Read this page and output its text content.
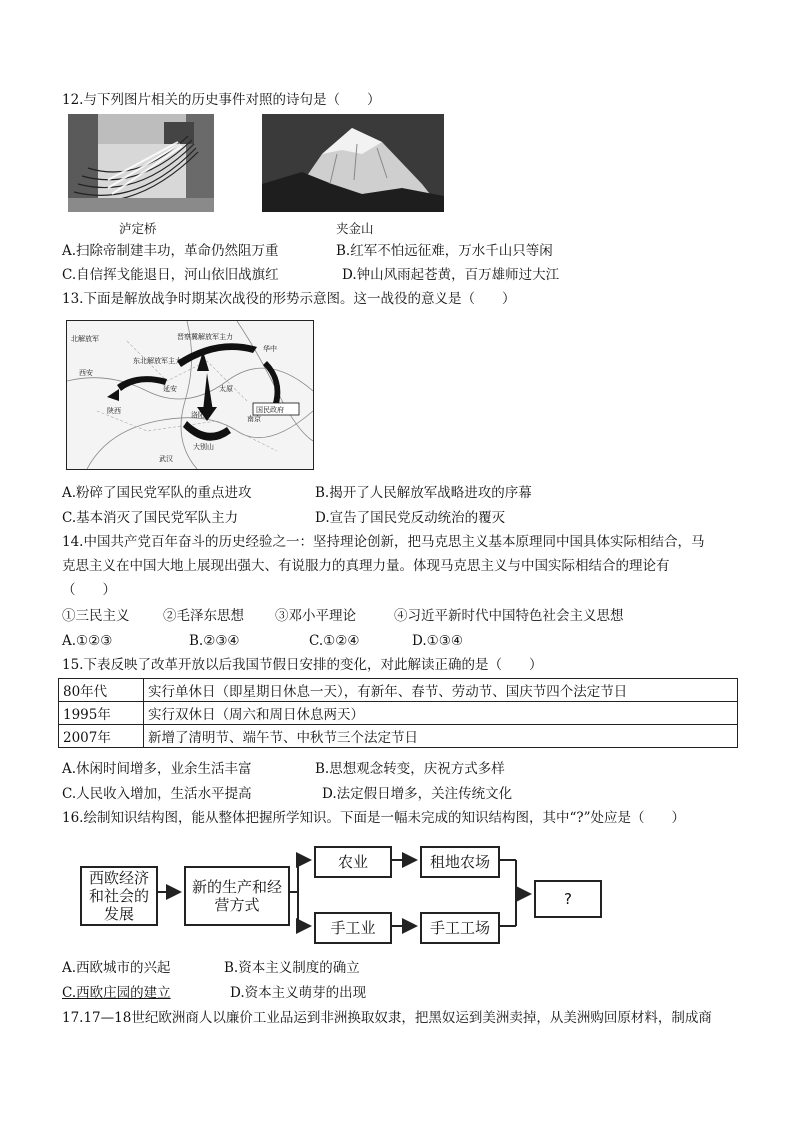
12.与下列图片相关的历史事件对照的诗句是（　　）
泸定桥	夹金山
A.扫除帝制建丰功，革命仍然阻万重	B.红军不怕远征难，万水千山只等闲
C.自信挥戈能退日，河山依旧战旗红	D.钟山风雨起苍黄，百万雄师过大江
13.下面是解放战争时期某次战役的形势示意图。这一战役的意义是（　　）
北解放军
西安
陕西
东北解放军主力
晋察冀解放军主力
华中
延安	太原
南京
洛阳
大别山
武汉
国民政府
A.粉碎了国民党军队的重点进攻	B.揭开了人民解放军战略进攻的序幕
C.基本消灭了国民党军队主力	D.宣告了国民党反动统治的覆灭
14.中国共产党百年奋斗的历史经验之一：坚持理论创新，把马克思主义基本原理同中国具体实际相结合，马
克思主义在中国大地上展现出强大、有说服力的真理力量。体现马克思主义与中国实际相结合的理论有
（　　）
①三民主义 ②毛泽东思想 ③邓小平理论	④习近平新时代中国特色社会主义思想
A.①②③	B.②③④	C.①②④	D.①③④
15.下表反映了改革开放以后我国节假日安排的变化，对此解读正确的是（　　）
80年代	实行单休日（即星期日休息一天），有新年、春节、劳动节、国庆节四个法定节日
1995年	实行双休日（周六和周日休息两天）
2007年	新增了清明节、端午节、中秋节三个法定节日
A.休闲时间增多，业余生活丰富	B.思想观念转变，庆祝方式多样
C.人民收入增加，生活水平提高	D.法定假日增多，关注传统文化
16.绘制知识结构图，能从整体把握所学知识。下面是一幅未完成的知识结构图，其中“?”处应是（　　）
西欧经济和社会的发展
新的生产和经营方式
农业	租地农场
手工业	手工工场
?
A.西欧城市的兴起	B.资本主义制度的确立
C.西欧庄园的建立	D.资本主义萌芽的出现
17.17—18世纪欧洲商人以廉价工业品运到非洲换取奴隶，把黑奴运到美洲卖掉，从美洲购回原材料，制成商
